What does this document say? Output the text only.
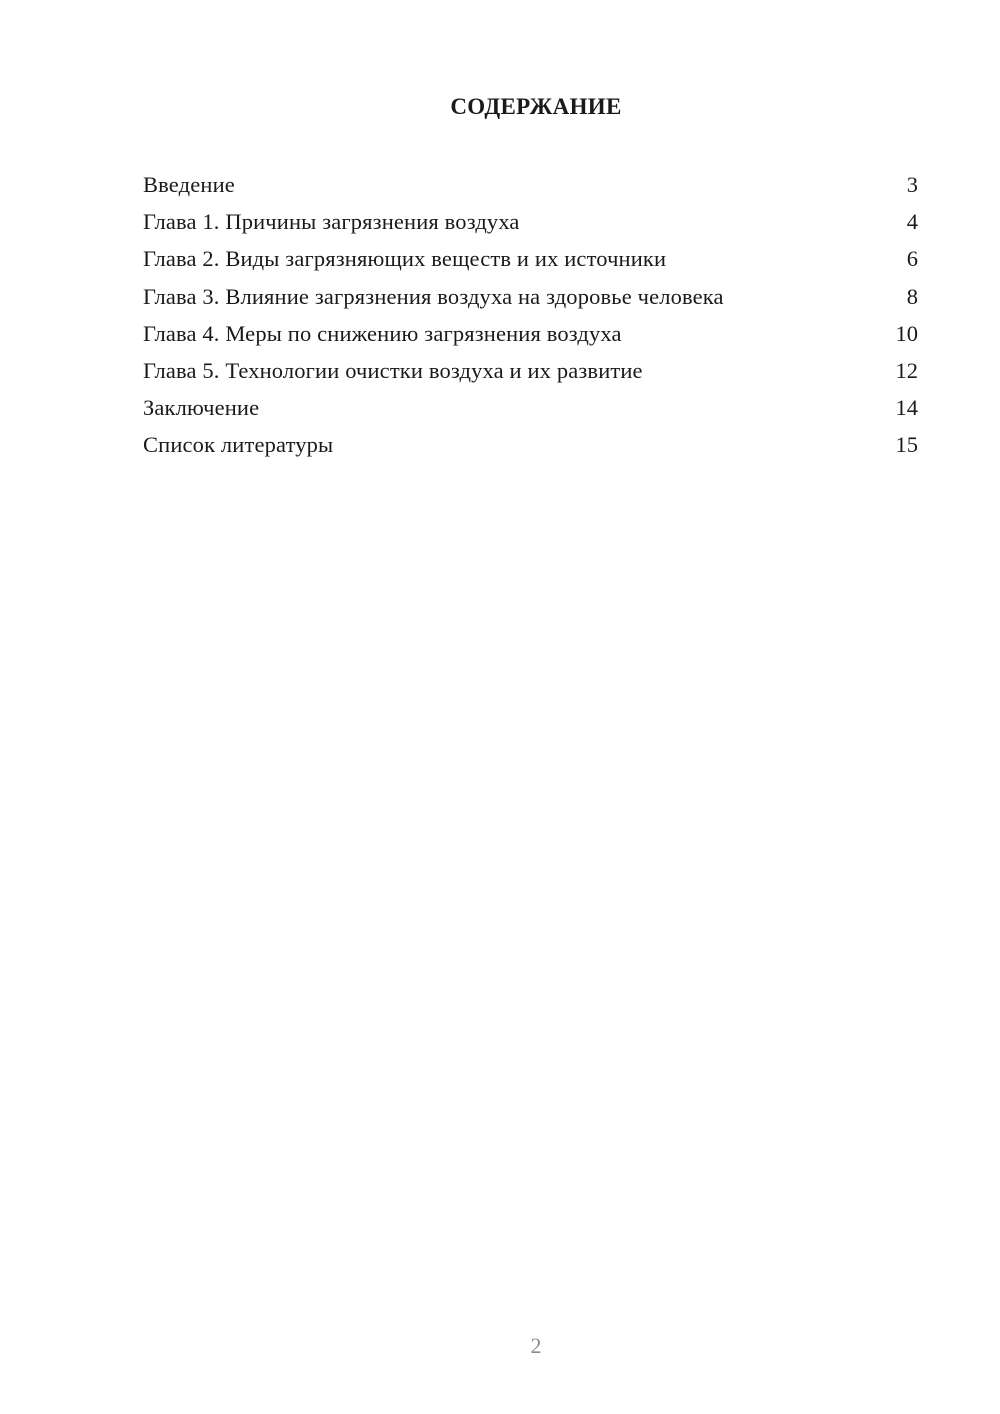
СОДЕРЖАНИЕ
Введение	3
Глава 1. Причины загрязнения воздуха	4
Глава 2. Виды загрязняющих веществ и их источники	6
Глава 3. Влияние загрязнения воздуха на здоровье человека	8
Глава 4. Меры по снижению загрязнения воздуха	10
Глава 5. Технологии очистки воздуха и их развитие	12
Заключение	14
Список литературы	15
2
